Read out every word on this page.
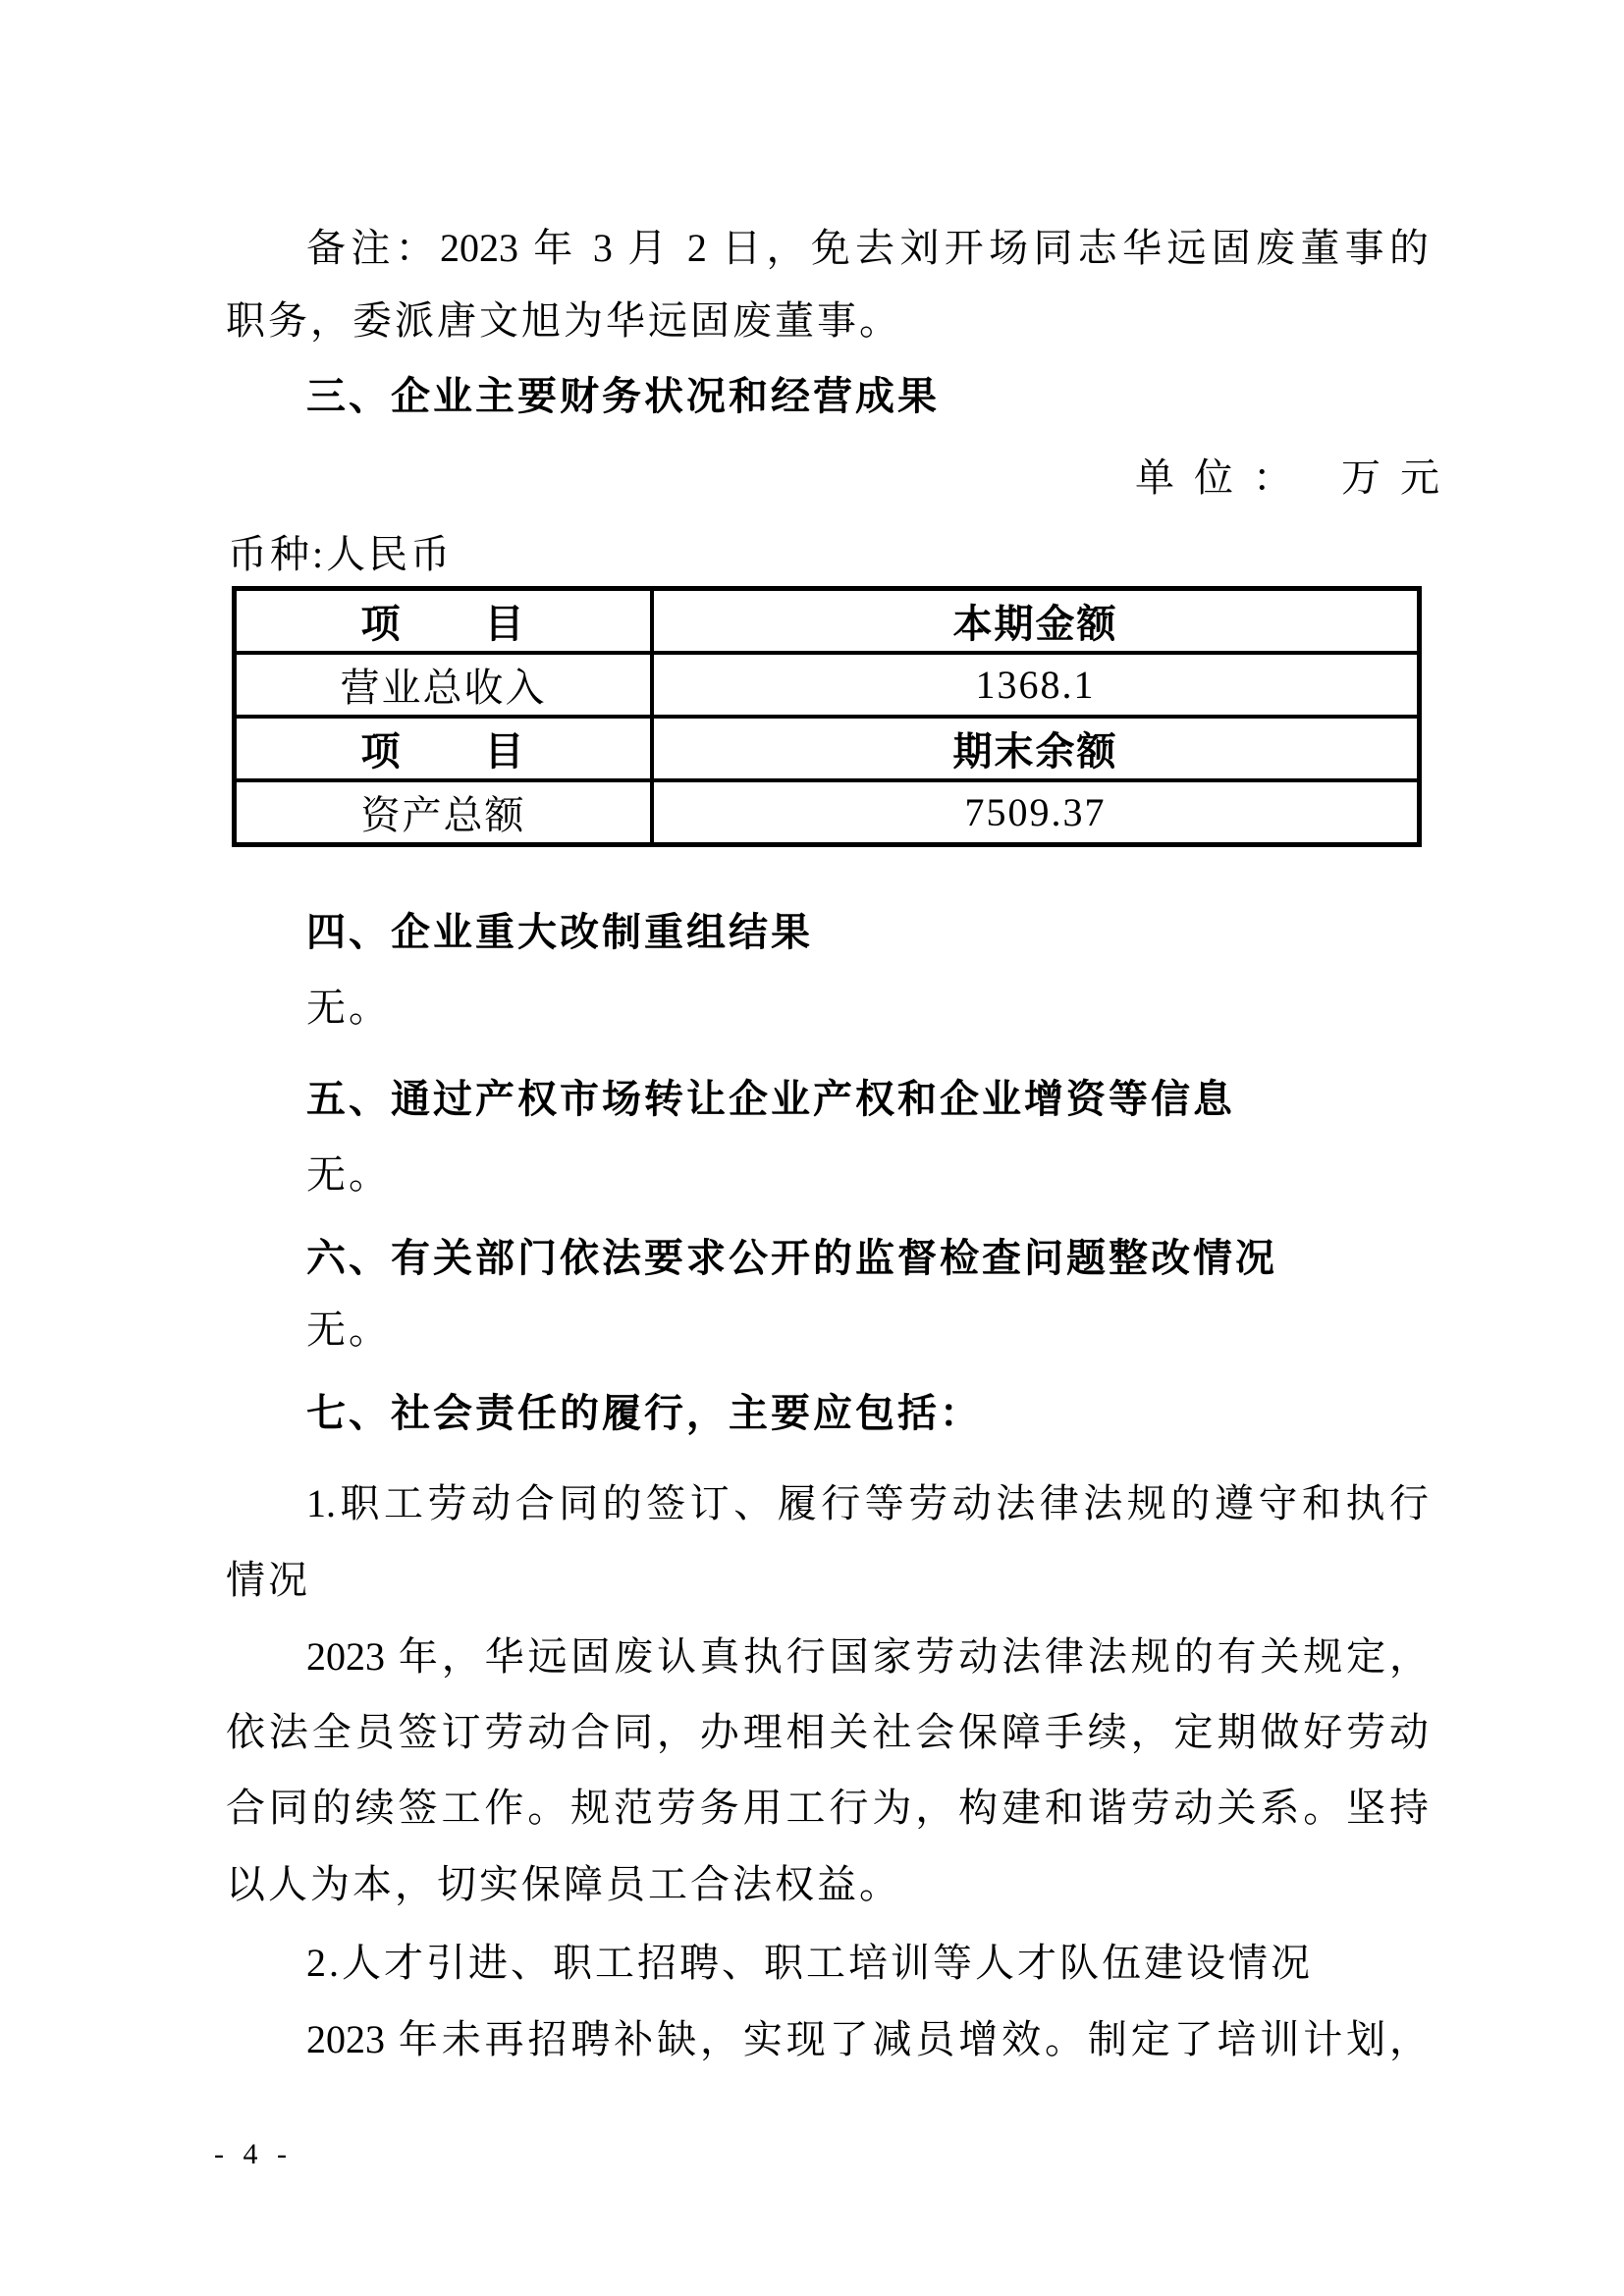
备注：2023 年 3 月 2 日，免去刘开场同志华远固废董事的
职务，委派唐文旭为华远固废董事。
三、企业主要财务状况和经营成果
单位： 万元
币种:人民币
项　　目	本期金额
营业总收入	1368.1
项　　目	期末余额
资产总额	7509.37
四、企业重大改制重组结果
无。
五、通过产权市场转让企业产权和企业增资等信息
无。
六、有关部门依法要求公开的监督检查问题整改情况
无。
七、社会责任的履行，主要应包括：
1.职工劳动合同的签订、履行等劳动法律法规的遵守和执行
情况
2023 年，华远固废认真执行国家劳动法律法规的有关规定，
依法全员签订劳动合同，办理相关社会保障手续，定期做好劳动
合同的续签工作。规范劳务用工行为，构建和谐劳动关系。坚持
以人为本，切实保障员工合法权益。
2.人才引进、职工招聘、职工培训等人才队伍建设情况
2023 年未再招聘补缺，实现了减员增效。制定了培训计划，
- 4 -
